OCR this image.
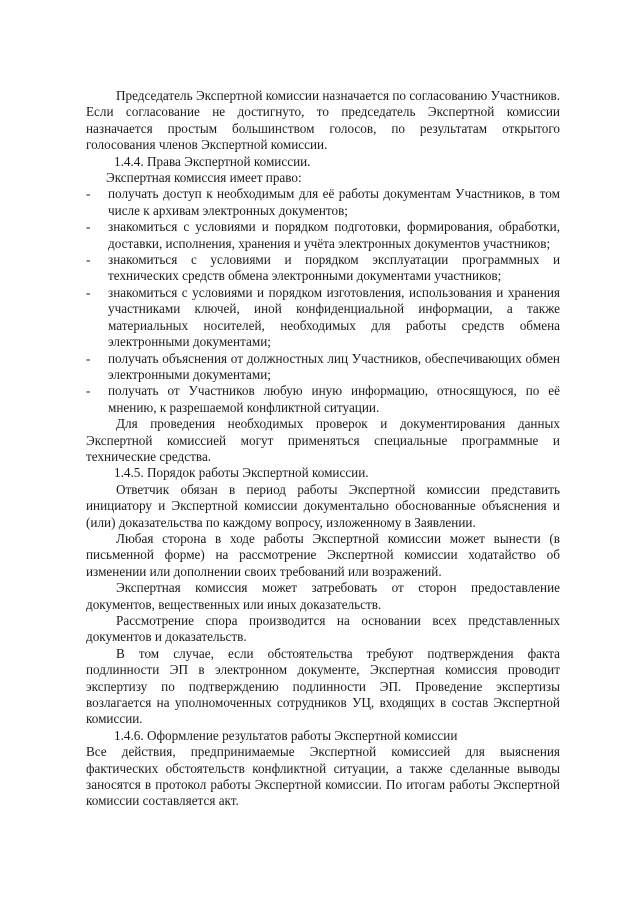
Председатель Экспертной комиссии назначается по согласованию Участников. Если согласование не достигнуто, то председатель Экспертной комиссии назначается простым большинством голосов, по результатам открытого голосования членов Экспертной комиссии.

1.4.4. Права Экспертной комиссии.

Экспертная комиссия имеет право:

- получать доступ к необходимым для её работы документам Участников, в том числе к архивам электронных документов;
- знакомиться с условиями и порядком подготовки, формирования, обработки, доставки, исполнения, хранения и учёта электронных документов участников;
- знакомиться с условиями и порядком эксплуатации программных и технических средств обмена электронными документами участников;
- знакомиться с условиями и порядком изготовления, использования и хранения участниками ключей, иной конфиденциальной информации, а также материальных носителей, необходимых для работы средств обмена электронными документами;
- получать объяснения от должностных лиц Участников, обеспечивающих обмен электронными документами;
- получать от Участников любую иную информацию, относящуюся, по её мнению, к разрешаемой конфликтной ситуации.

Для проведения необходимых проверок и документирования данных Экспертной комиссией могут применяться специальные программные и технические средства.

1.4.5. Порядок работы Экспертной комиссии.

Ответчик обязан в период работы Экспертной комиссии представить инициатору и Экспертной комиссии документально обоснованные объяснения и (или) доказательства по каждому вопросу, изложенному в Заявлении.

Любая сторона в ходе работы Экспертной комиссии может вынести (в письменной форме) на рассмотрение Экспертной комиссии ходатайство об изменении или дополнении своих требований или возражений.

Экспертная комиссия может затребовать от сторон предоставление документов, вещественных или иных доказательств.

Рассмотрение спора производится на основании всех представленных документов и доказательств.

В том случае, если обстоятельства требуют подтверждения факта подлинности ЭП в электронном документе, Экспертная комиссия проводит экспертизу по подтверждению подлинности ЭП. Проведение экспертизы возлагается на уполномоченных сотрудников УЦ, входящих в состав Экспертной комиссии.

1.4.6. Оформление результатов работы Экспертной комиссии

Все действия, предпринимаемые Экспертной комиссией для выяснения фактических обстоятельств конфликтной ситуации, а также сделанные выводы заносятся в протокол работы Экспертной комиссии. По итогам работы Экспертной комиссии составляется акт.
